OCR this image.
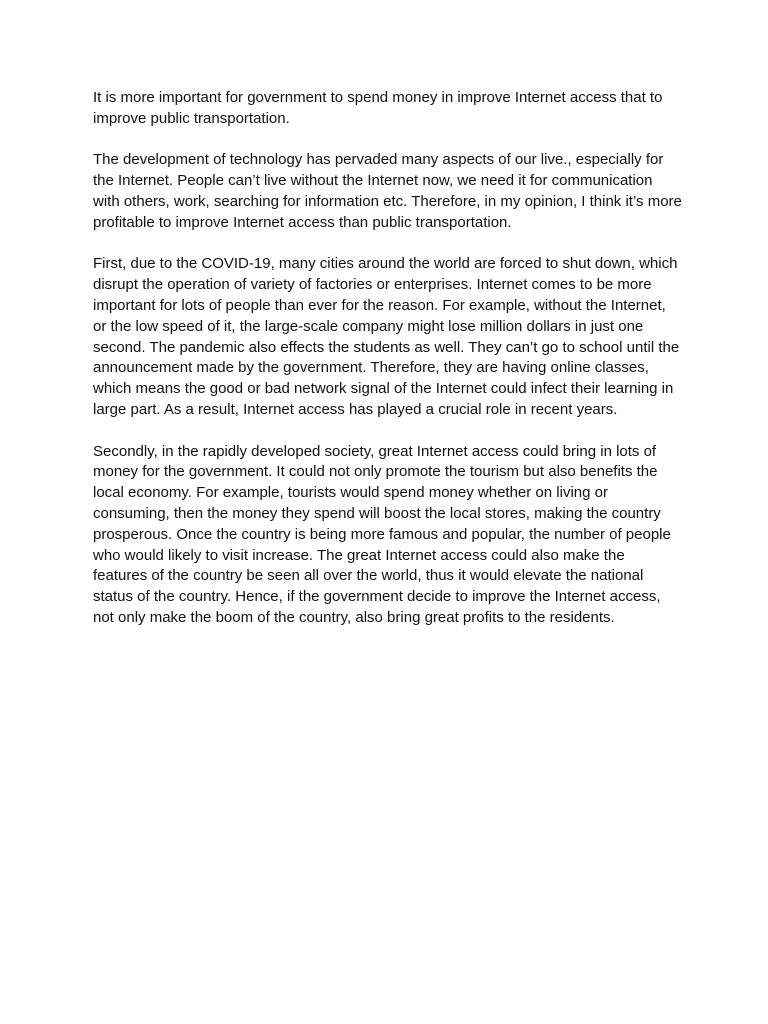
It is more important for government to spend money in improve Internet access that to improve public transportation.

The development of technology has pervaded many aspects of our live., especially for the Internet. People can’t live without the Internet now, we need it for communication with others, work, searching for information etc. Therefore, in my opinion, I think it’s more profitable to improve Internet access than public transportation.

First, due to the COVID-19, many cities around the world are forced to shut down, which disrupt the operation of variety of factories or enterprises. Internet comes to be more important for lots of people than ever for the reason. For example, without the Internet, or the low speed of it, the large-scale company might lose million dollars in just one second. The pandemic also effects the students as well. They can’t go to school until the announcement made by the government. Therefore, they are having online classes, which means the good or bad network signal of the Internet could infect their learning in large part. As a result, Internet access has played a crucial role in recent years.

Secondly, in the rapidly developed society, great Internet access could bring in lots of money for the government. It could not only promote the tourism but also benefits the local economy. For example, tourists would spend money whether on living or consuming, then the money they spend will boost the local stores, making the country prosperous. Once the country is being more famous and popular, the number of people who would likely to visit increase. The great Internet access could also make the features of the country be seen all over the world, thus it would elevate the national status of the country. Hence, if the government decide to improve the Internet access, not only make the boom of the country, also bring great profits to the residents.
